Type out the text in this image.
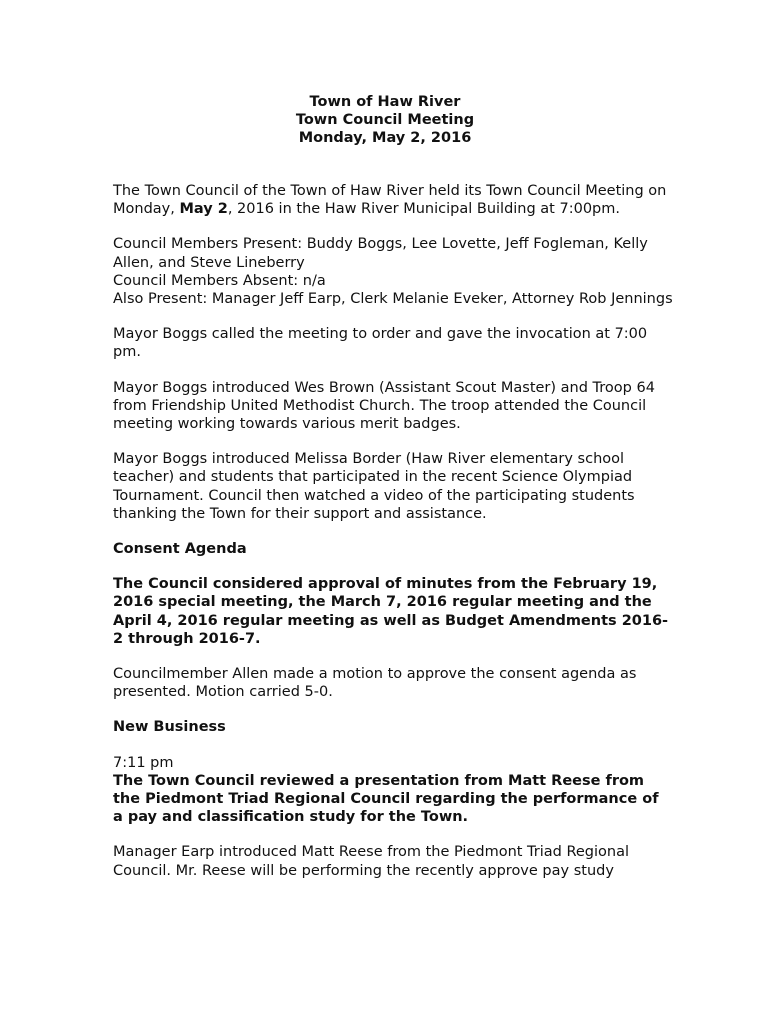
Town of Haw River
Town Council Meeting
Monday, May 2, 2016

The Town Council of the Town of Haw River held its Town Council Meeting on Monday, May 2, 2016 in the Haw River Municipal Building at 7:00pm.

Council Members Present: Buddy Boggs, Lee Lovette, Jeff Fogleman, Kelly Allen, and Steve Lineberry
Council Members Absent: n/a

Also Present: Manager Jeff Earp, Clerk Melanie Eveker, Attorney Rob Jennings

Mayor Boggs called the meeting to order and gave the invocation at 7:00 pm.

Mayor Boggs introduced Wes Brown (Assistant Scout Master) and Troop 64 from Friendship United Methodist Church. The troop attended the Council meeting working towards various merit badges.

Mayor Boggs introduced Melissa Border (Haw River elementary school teacher) and students that participated in the recent Science Olympiad Tournament. Council then watched a video of the participating students thanking the Town for their support and assistance.

Consent Agenda

The Council considered approval of minutes from the February 19, 2016 special meeting, the March 7, 2016 regular meeting and the April 4, 2016 regular meeting as well as Budget Amendments 2016-2 through 2016-7.

Councilmember Allen made a motion to approve the consent agenda as presented. Motion carried 5-0.

New Business

7:11 pm

The Town Council reviewed a presentation from Matt Reese from the Piedmont Triad Regional Council regarding the performance of a pay and classification study for the Town.

Manager Earp introduced Matt Reese from the Piedmont Triad Regional Council. Mr. Reese will be performing the recently approve pay study
